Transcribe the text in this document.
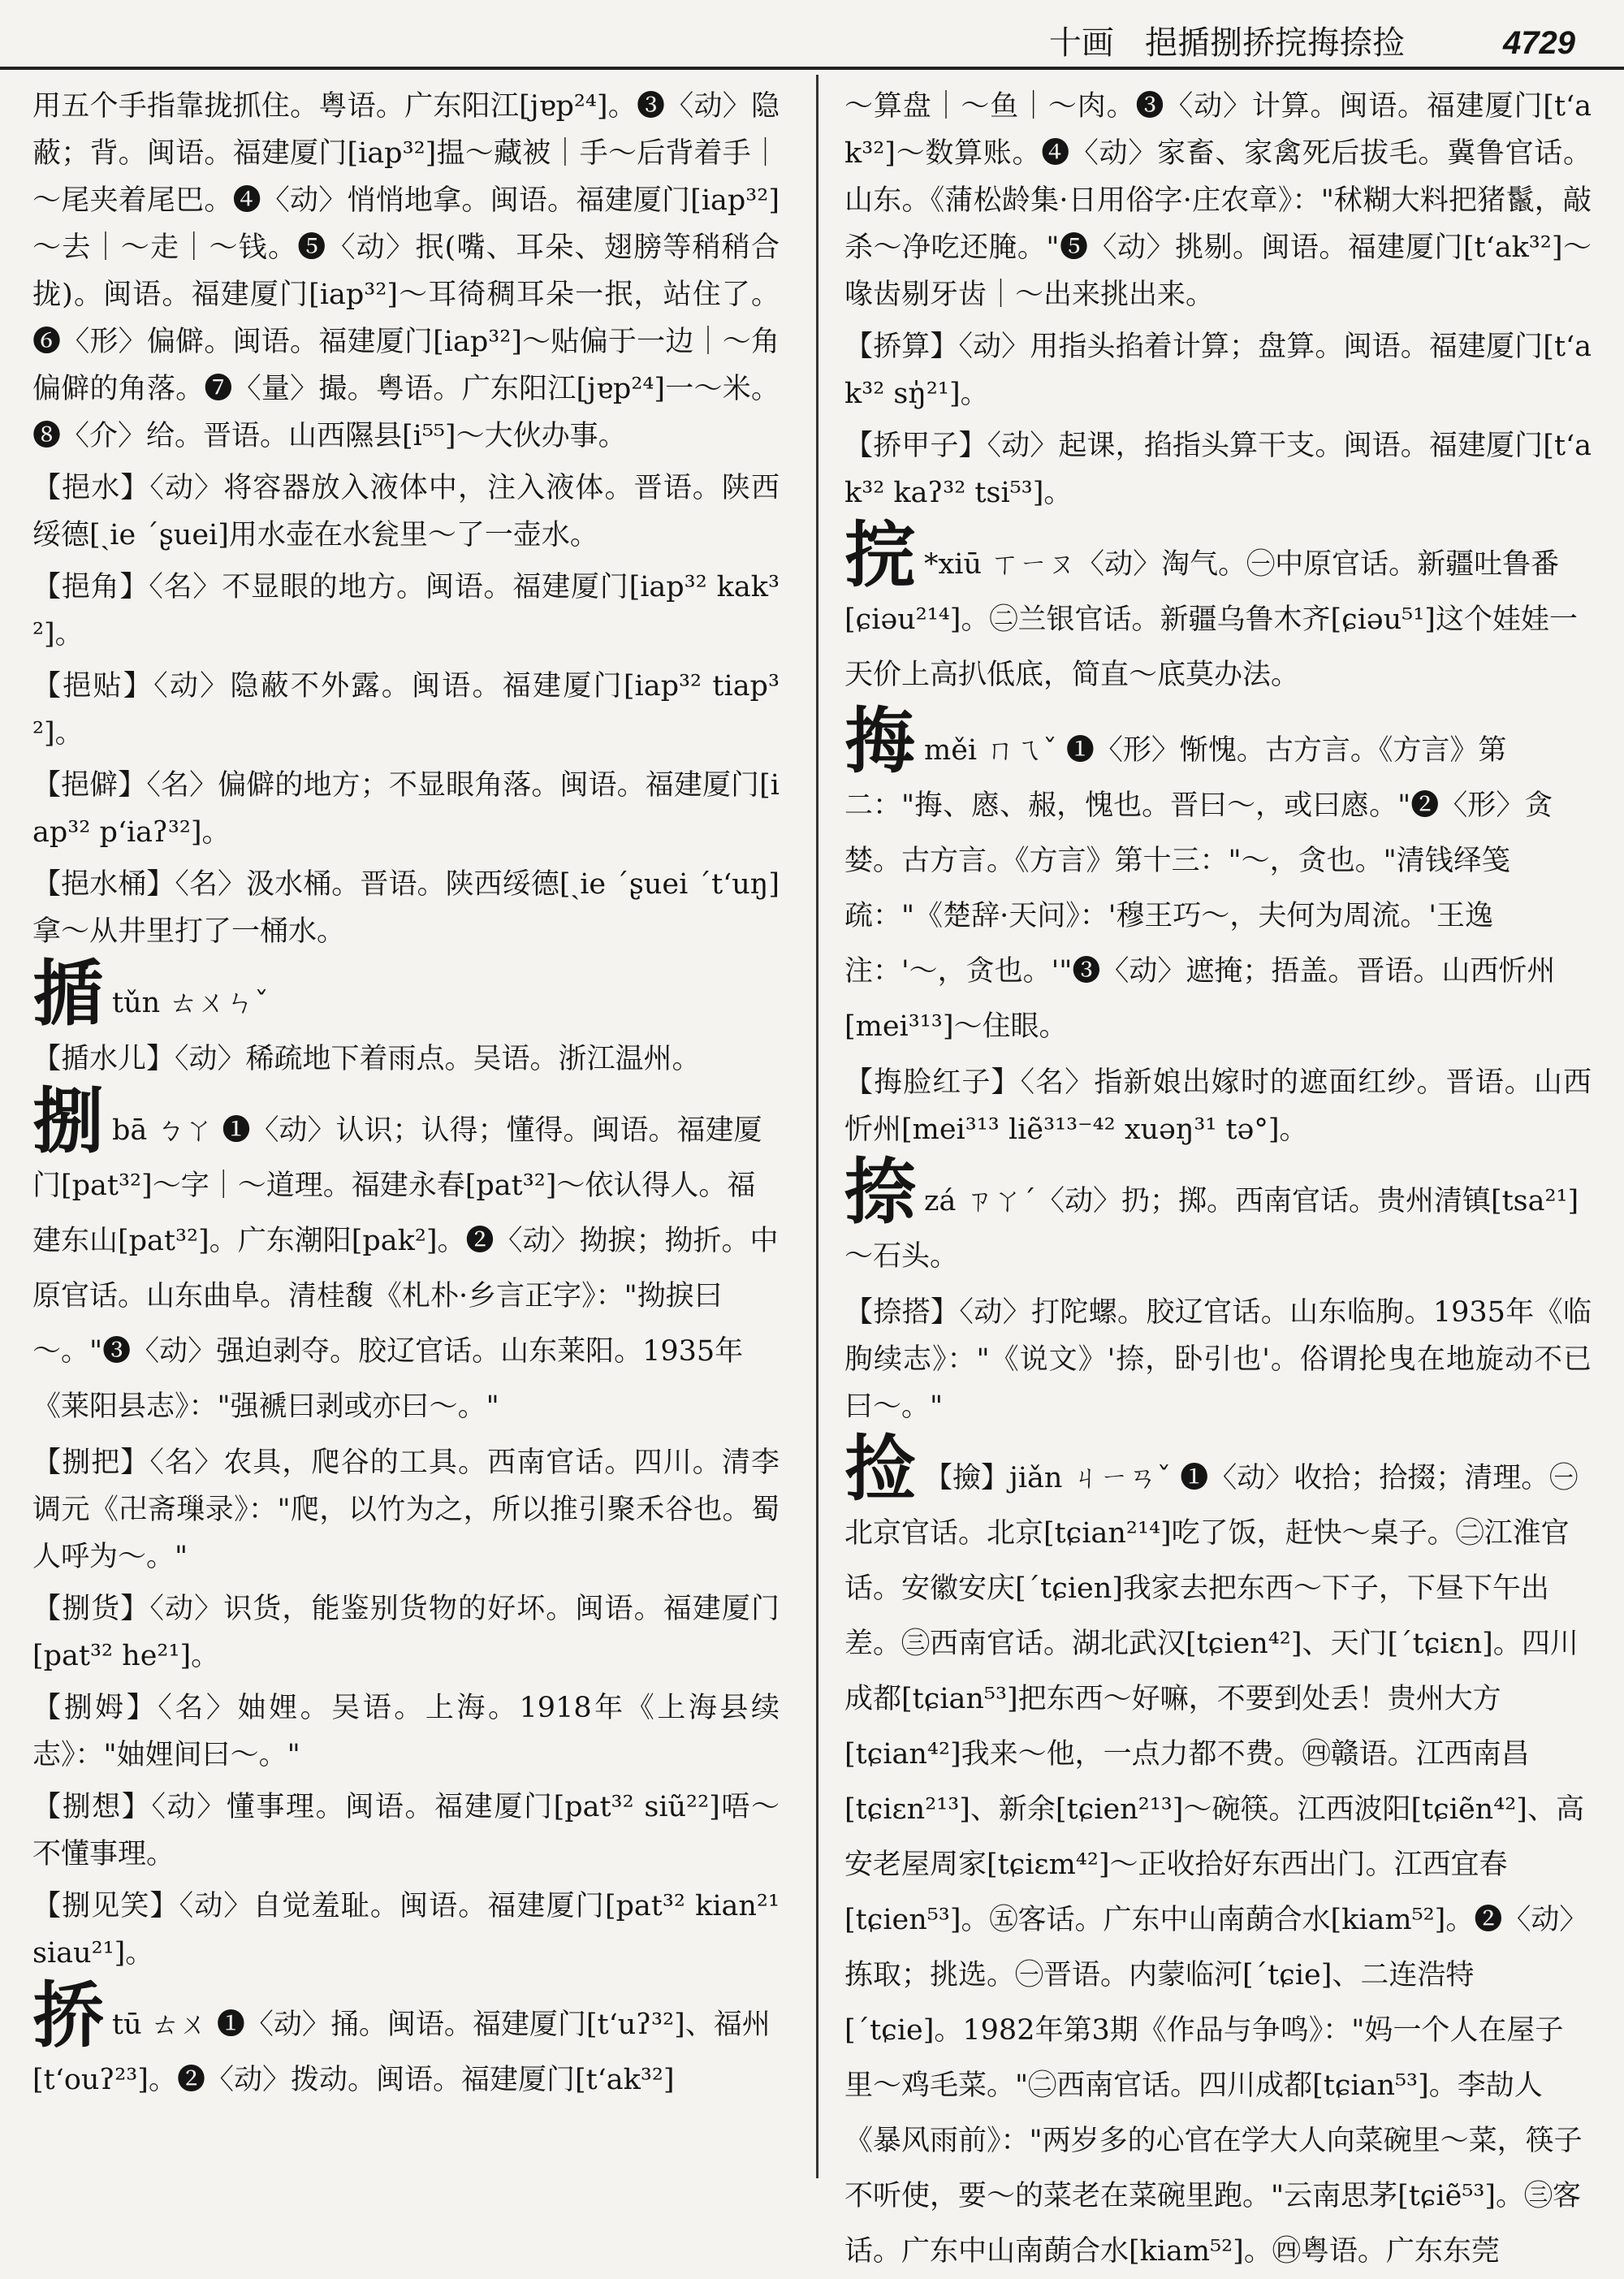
十画 挹揗捌挢捖挴捺捡	4729

用五个手指靠拢抓住。粤语。广东阳江[jɐp²⁴]。❸〈动〉隐蔽；背。闽语。福建厦门[iap³²]揾～藏被｜手～后背着手｜～尾夹着尾巴。❹〈动〉悄悄地拿。闽语。福建厦门[iap³²]～去｜～走｜～钱。❺〈动〉抿(嘴、耳朵、翅膀等稍稍合拢)。闽语。福建厦门[iap³²]～耳徛稠耳朵一抿，站住了。❻〈形〉偏僻。闽语。福建厦门[iap³²]～贴偏于一边｜～角偏僻的角落。❼〈量〉撮。粤语。广东阳江[jɐp²⁴]一～米。❽〈介〉给。晋语。山西隰县[i⁵⁵]～大伙办事。

【挹水】〈动〉将容器放入液体中，注入液体。晋语。陕西绥德[ˏie ˊʂuei]用水壶在水瓮里～了一壶水。

【挹角】〈名〉不显眼的地方。闽语。福建厦门[iap³² kak³²]。

【挹贴】〈动〉隐蔽不外露。闽语。福建厦门[iap³² tiap³²]。

【挹僻】〈名〉偏僻的地方；不显眼角落。闽语。福建厦门[iap³² pʻiaʔ³²]。

【挹水桶】〈名〉汲水桶。晋语。陕西绥德[ˏie ˊʂuei ˊtʻuŋ]拿～从井里打了一桶水。

揗tǔn ㄊㄨㄣˇ

【揗水儿】〈动〉稀疏地下着雨点。吴语。浙江温州。

捌bā ㄅㄚ ❶〈动〉认识；认得；懂得。闽语。福建厦门[pat³²]～字｜～道理。福建永春[pat³²]～依认得人。福建东山[pat³²]。广东潮阳[pak²]。❷〈动〉拗捩；拗折。中原官话。山东曲阜。清桂馥《札朴·乡言正字》："拗捩曰～。"❸〈动〉强迫剥夺。胶辽官话。山东莱阳。1935年《莱阳县志》："强褫曰剥或亦曰～。"

【捌把】〈名〉农具，爬谷的工具。西南官话。四川。清李调元《卍斋璅录》："爬，以竹为之，所以推引聚禾谷也。蜀人呼为～。"

【捌货】〈动〉识货，能鉴别货物的好坏。闽语。福建厦门[pat³² he²¹]。

【捌姆】〈名〉妯娌。吴语。上海。1918年《上海县续志》："妯娌间曰～。"

【捌想】〈动〉懂事理。闽语。福建厦门[pat³² siũ²²]唔～不懂事理。

【捌见笑】〈动〉自觉羞耻。闽语。福建厦门[pat³² kian²¹ siau²¹]。

挢tū ㄊㄨ ❶〈动〉捅。闽语。福建厦门[tʻuʔ³²]、福州[tʻouʔ²³]。❷〈动〉拨动。闽语。福建厦门[tʻak³²]

～算盘｜～鱼｜～肉。❸〈动〉计算。闽语。福建厦门[tʻak³²]～数算账。❹〈动〉家畜、家禽死后拔毛。冀鲁官话。山东。《蒲松龄集·日用俗字·庄农章》："秫糊大料把猪鬣，敲杀～净吃还腌。"❺〈动〉挑剔。闽语。福建厦门[tʻak³²]～喙齿剔牙齿｜～出来挑出来。

【挢算】〈动〉用指头掐着计算；盘算。闽语。福建厦门[tʻak³² sŋ̍²¹]。

【挢甲子】〈动〉起课，掐指头算干支。闽语。福建厦门[tʻak³² kaʔ³² tsi⁵³]。

捖 *xiū ㄒㄧㄡ〈动〉淘气。㊀中原官话。新疆吐鲁番[ɕiəu²¹⁴]。㊁兰银官话。新疆乌鲁木齐[ɕiəu⁵¹]这个娃娃一天价上高扒低底，简直～底莫办法。
挴měi ㄇㄟˇ ❶〈形〉惭愧。古方言。《方言》第二："挴、㥷、赧，愧也。晋曰～，或曰㥷。"❷〈形〉贪婪。古方言。《方言》第十三："～，贪也。"清钱绎笺疏："《楚辞·天问》：'穆王巧～，夫何为周流。'王逸注：'～，贪也。'"❸〈动〉遮掩；捂盖。晋语。山西忻州[mei³¹³]～住眼。

【挴脸红子】〈名〉指新娘出嫁时的遮面红纱。晋语。山西忻州[mei³¹³ liẽ³¹³⁻⁴² xuəŋ³¹ tə°]。

捺zá ㄗㄚˊ〈动〉扔；掷。西南官话。贵州清镇[tsa²¹]～石头。

【捺搭】〈动〉打陀螺。胶辽官话。山东临朐。1935年《临朐续志》："《说文》'捺，卧引也'。俗谓抡曳在地旋动不已曰～。"

捡 【撿】jiǎn ㄐㄧㄢˇ ❶〈动〉收拾；拾掇；清理。㊀北京官话。北京[tɕian²¹⁴]吃了饭，赶快～桌子。㊁江淮官话。安徽安庆[ˊtɕien]我家去把东西～下子，下昼下午出差。㊂西南官话。湖北武汉[tɕien⁴²]、天门[ˊtɕiɛn]。四川成都[tɕian⁵³]把东西～好嘛，不要到处丢！贵州大方[tɕian⁴²]我来～他，一点力都不费。㊃赣语。江西南昌[tɕiɛn²¹³]、新余[tɕien²¹³]～碗筷。江西波阳[tɕiẽn⁴²]、高安老屋周家[tɕiɛm⁴²]～正收拾好东西出门。江西宜春[tɕien⁵³]。㊄客话。广东中山南蓢合水[kiam⁵²]。❷〈动〉拣取；挑选。㊀晋语。内蒙临河[ˊtɕie]、二连浩特[ˊtɕie]。1982年第3期《作品与争鸣》："妈一个人在屋子里～鸡毛菜。"㊁西南官话。四川成都[tɕian⁵³]。李劼人《暴风雨前》："两岁多的心官在学大人向菜碗里～菜，筷子不听使，要～的菜老在菜碗里跑。"云南思茅[tɕiẽ⁵³]。㊂客话。广东中山南蓢合水[kiam⁵²]。㊃粤语。广东东莞
